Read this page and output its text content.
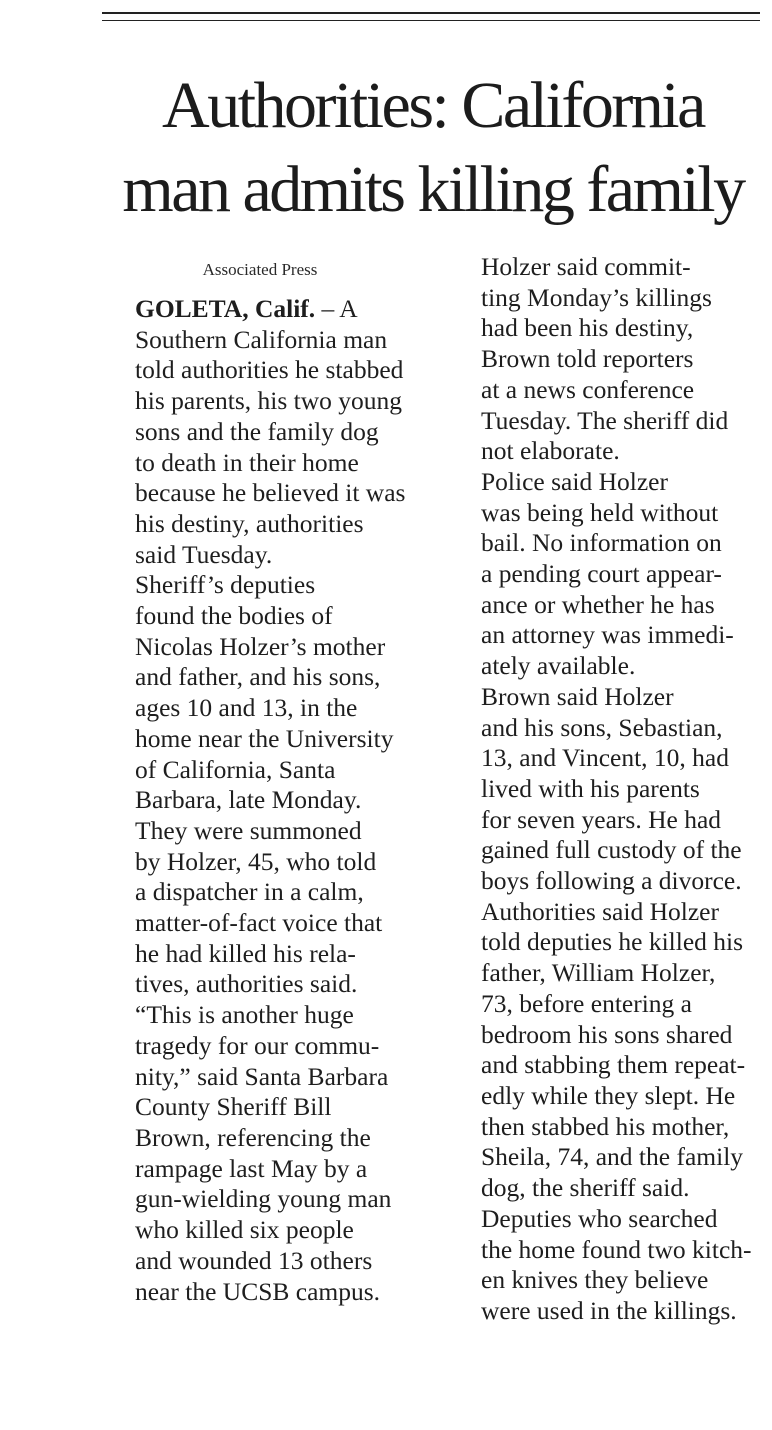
Authorities: California
man admits killing family
Associated Press

GOLETA, Calif. – A
Southern California man
told authorities he stabbed
his parents, his two young
sons and the family dog
to death in their home
because he believed it was
his destiny, authorities
said Tuesday.

Sheriff’s deputies
found the bodies of
Nicolas Holzer’s mother
and father, and his sons,
ages 10 and 13, in the
home near the University
of California, Santa
Barbara, late Monday.

They were summoned
by Holzer, 45, who told
a dispatcher in a calm,
matter-of-fact voice that
he had killed his rela-
tives, authorities said.

“This is another huge
tragedy for our commu-
nity,” said Santa Barbara
County Sheriff Bill
Brown, referencing the
rampage last May by a
gun-wielding young man
who killed six people
and wounded 13 others
near the UCSB campus.

Holzer said commit-
ting Monday’s killings
had been his destiny,
Brown told reporters
at a news conference
Tuesday. The sheriff did
not elaborate.

Police said Holzer
was being held without
bail. No information on
a pending court appear-
ance or whether he has
an attorney was immedi-
ately available.

Brown said Holzer
and his sons, Sebastian,
13, and Vincent, 10, had
lived with his parents
for seven years. He had
gained full custody of the
boys following a divorce.

Authorities said Holzer
told deputies he killed his
father, William Holzer,
73, before entering a
bedroom his sons shared
and stabbing them repeat-
edly while they slept. He
then stabbed his mother,
Sheila, 74, and the family
dog, the sheriff said.

Deputies who searched
the home found two kitch-
en knives they believe
were used in the killings.
